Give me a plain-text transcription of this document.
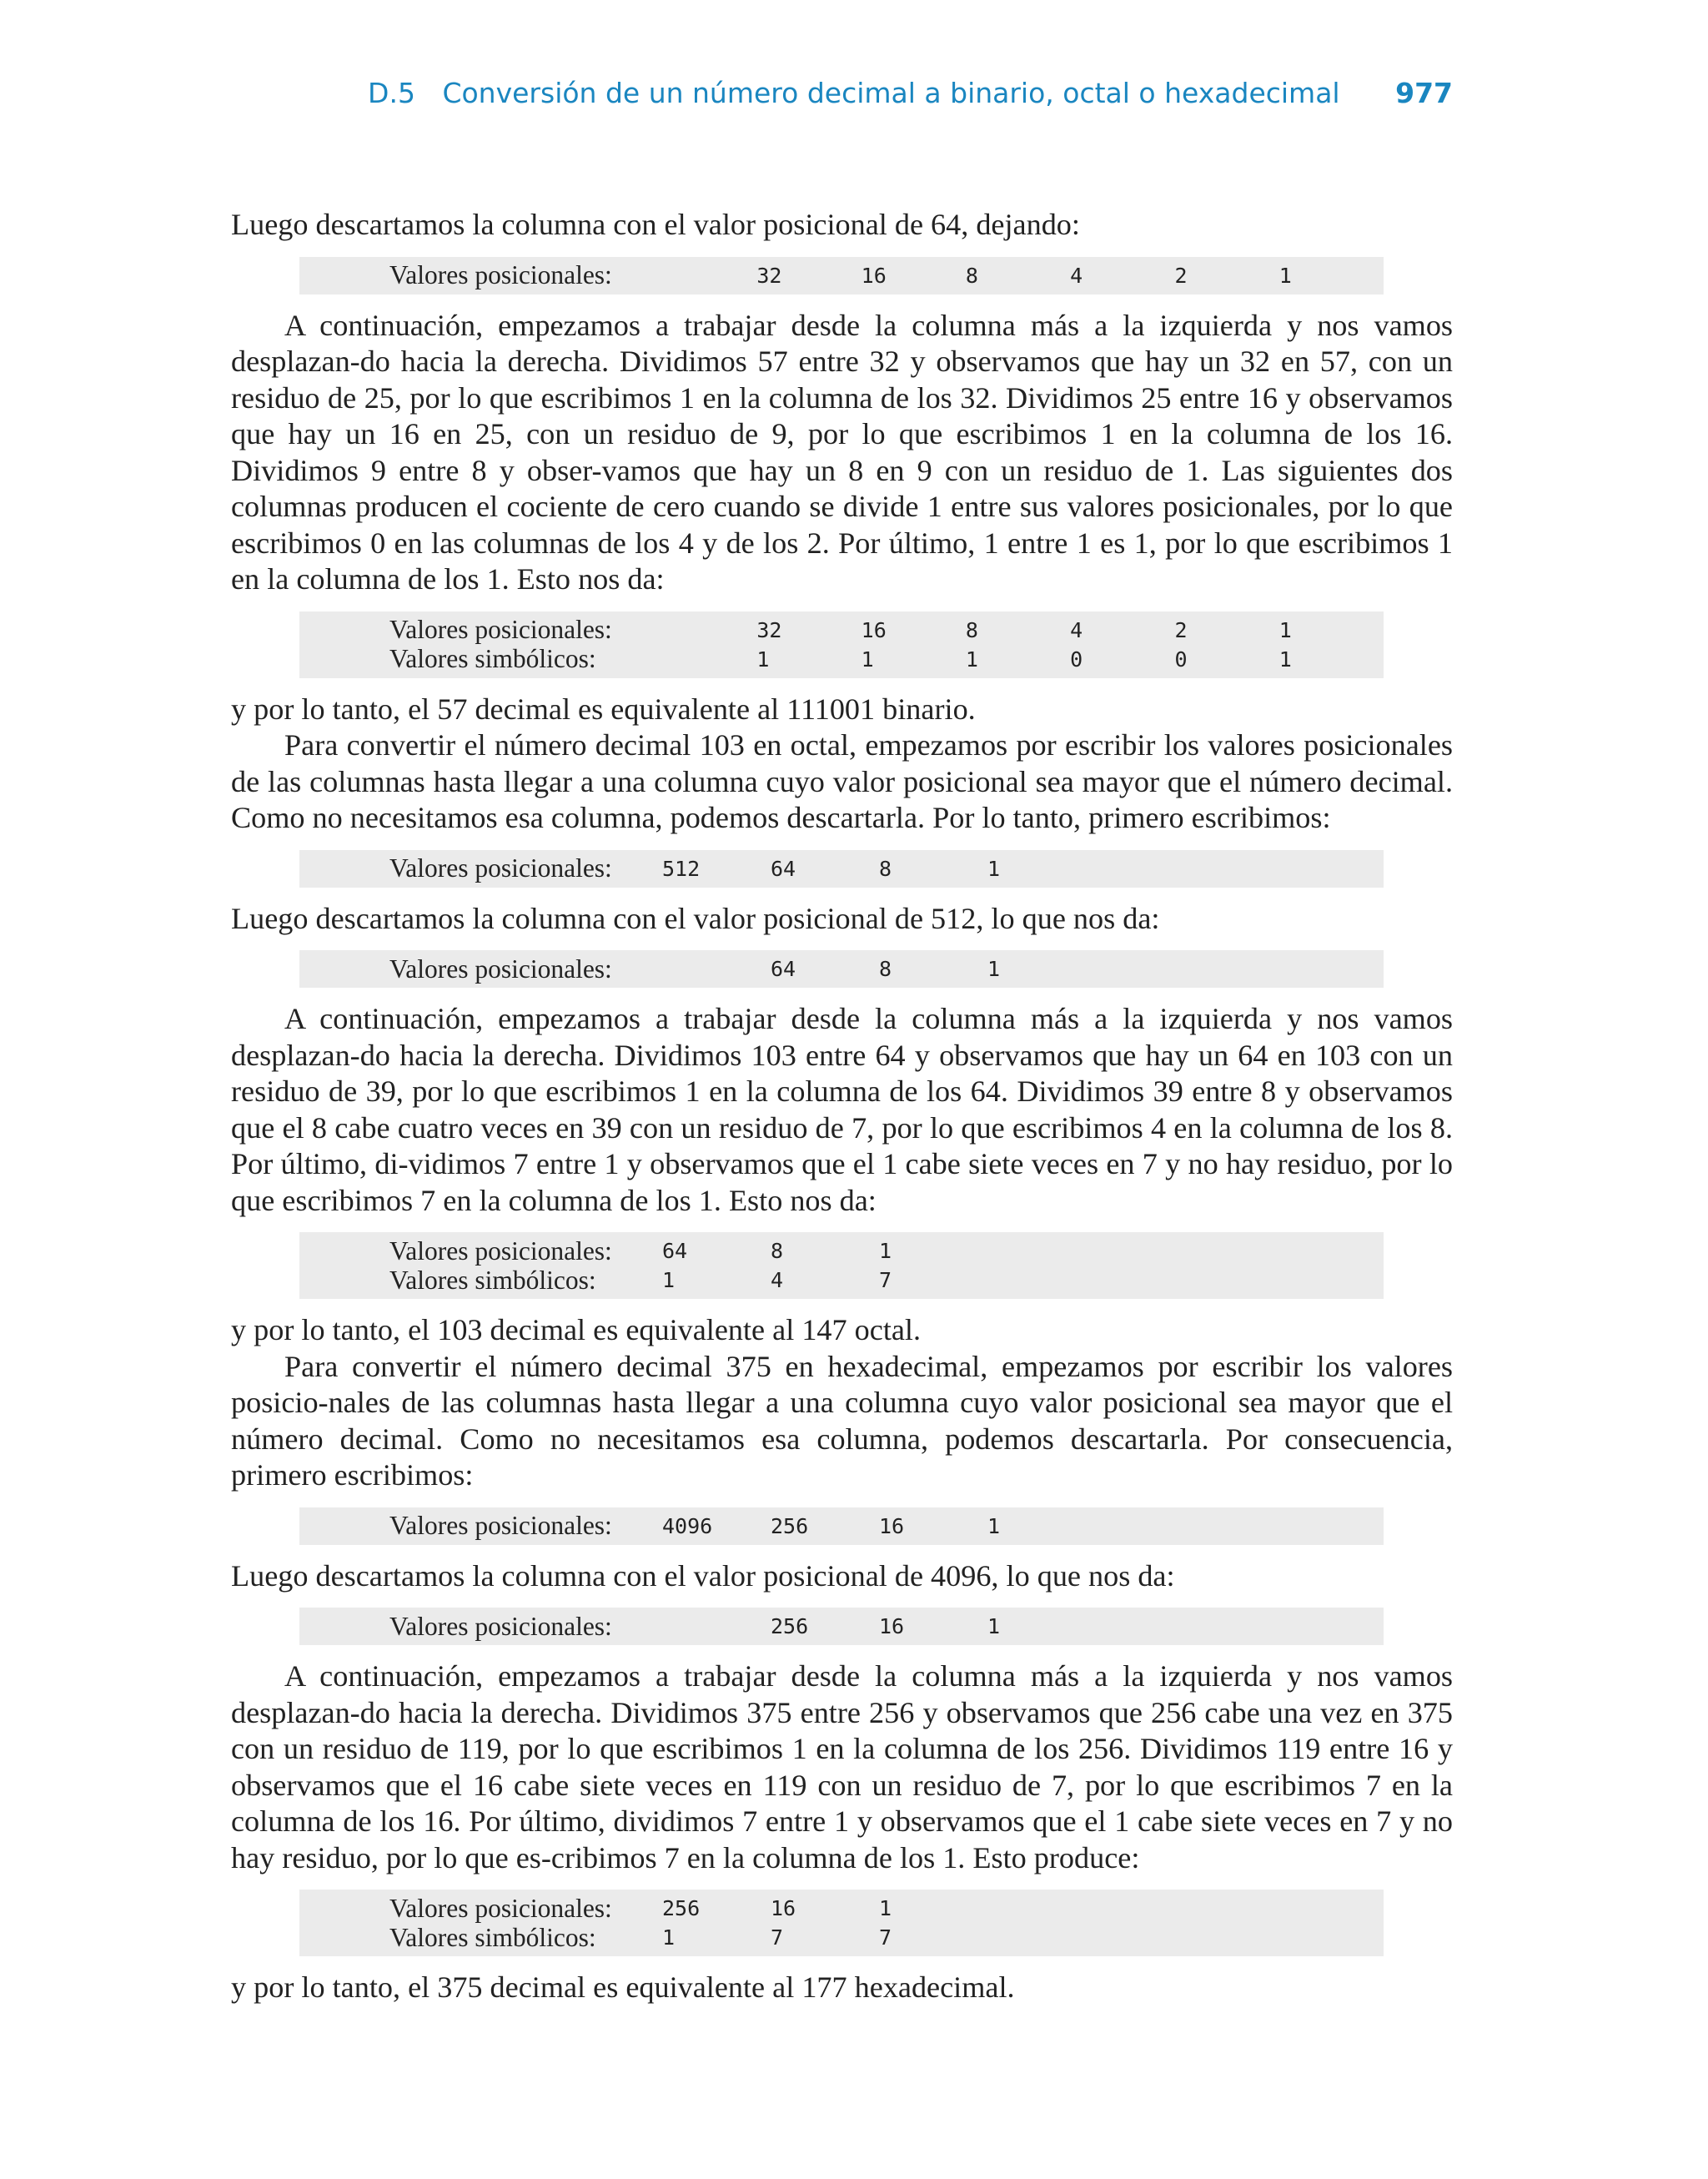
D.5 Conversión de un número decimal a binario, octal o hexadecimal 977

Luego descartamos la columna con el valor posicional de 64, dejando:

Valores posicionales:	32	16	8	4	2	1

A continuación, empezamos a trabajar desde la columna más a la izquierda y nos vamos desplazan-do hacia la derecha. Dividimos 57 entre 32 y observamos que hay un 32 en 57, con un residuo de 25, por lo que escribimos 1 en la columna de los 32. Dividimos 25 entre 16 y observamos que hay un 16 en 25, con un residuo de 9, por lo que escribimos 1 en la columna de los 16. Dividimos 9 entre 8 y obser-vamos que hay un 8 en 9 con un residuo de 1. Las siguientes dos columnas producen el cociente de cero cuando se divide 1 entre sus valores posicionales, por lo que escribimos 0 en las columnas de los 4 y de los 2. Por último, 1 entre 1 es 1, por lo que escribimos 1 en la columna de los 1. Esto nos da:

Valores posicionales:	32	16	8	4	2	1
Valores simbólicos:	1	1	1	0	0	1

y por lo tanto, el 57 decimal es equivalente al 111001 binario.

Para convertir el número decimal 103 en octal, empezamos por escribir los valores posicionales de las columnas hasta llegar a una columna cuyo valor posicional sea mayor que el número decimal. Como no necesitamos esa columna, podemos descartarla. Por lo tanto, primero escribimos:

Valores posicionales:	512	64	8	1

Luego descartamos la columna con el valor posicional de 512, lo que nos da:

Valores posicionales:	64	8	1

A continuación, empezamos a trabajar desde la columna más a la izquierda y nos vamos desplazan-do hacia la derecha. Dividimos 103 entre 64 y observamos que hay un 64 en 103 con un residuo de 39, por lo que escribimos 1 en la columna de los 64. Dividimos 39 entre 8 y observamos que el 8 cabe cuatro veces en 39 con un residuo de 7, por lo que escribimos 4 en la columna de los 8. Por último, di-vidimos 7 entre 1 y observamos que el 1 cabe siete veces en 7 y no hay residuo, por lo que escribimos 7 en la columna de los 1. Esto nos da:

Valores posicionales:	64	8	1
Valores simbólicos:	1	4	7

y por lo tanto, el 103 decimal es equivalente al 147 octal.

Para convertir el número decimal 375 en hexadecimal, empezamos por escribir los valores posicio-nales de las columnas hasta llegar a una columna cuyo valor posicional sea mayor que el número decimal. Como no necesitamos esa columna, podemos descartarla. Por consecuencia, primero escribimos:

Valores posicionales:	4096	256	16	1

Luego descartamos la columna con el valor posicional de 4096, lo que nos da:

Valores posicionales:	256	16	1

A continuación, empezamos a trabajar desde la columna más a la izquierda y nos vamos desplazan-do hacia la derecha. Dividimos 375 entre 256 y observamos que 256 cabe una vez en 375 con un residuo de 119, por lo que escribimos 1 en la columna de los 256. Dividimos 119 entre 16 y observamos que el 16 cabe siete veces en 119 con un residuo de 7, por lo que escribimos 7 en la columna de los 16. Por último, dividimos 7 entre 1 y observamos que el 1 cabe siete veces en 7 y no hay residuo, por lo que es-cribimos 7 en la columna de los 1. Esto produce:

Valores posicionales:	256	16	1
Valores simbólicos:	1	7	7

y por lo tanto, el 375 decimal es equivalente al 177 hexadecimal.
